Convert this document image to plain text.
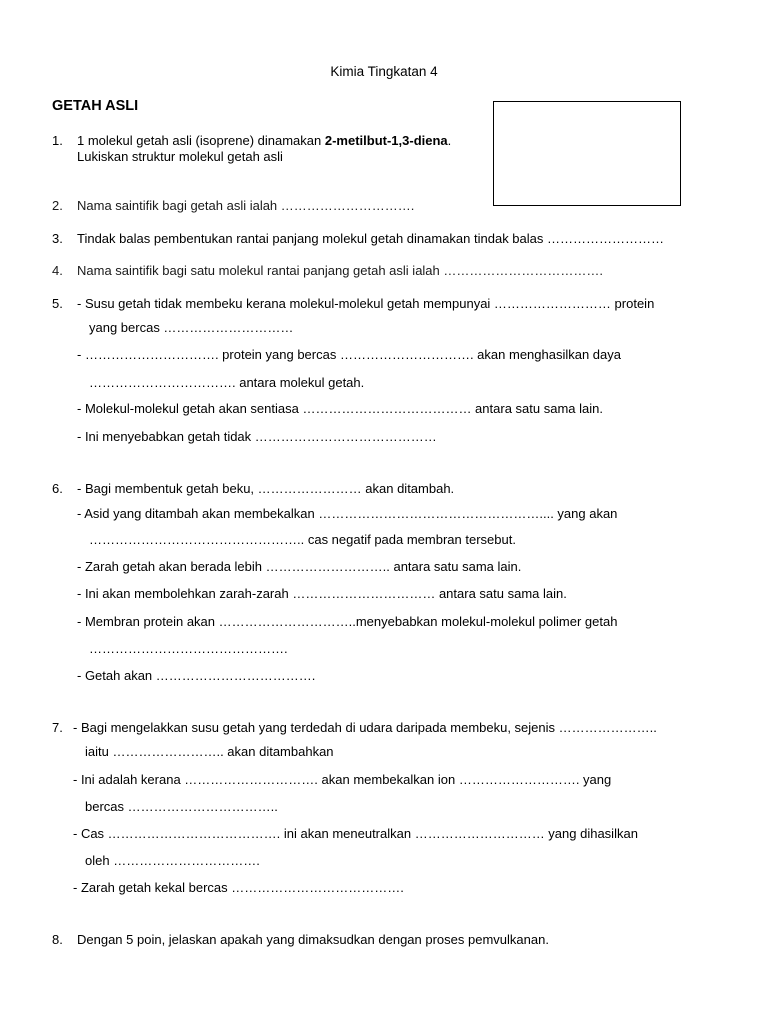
Kimia Tingkatan 4
GETAH ASLI
1. 1 molekul getah asli (isoprene) dinamakan 2-metilbut-1,3-diena.
Lukiskan struktur molekul getah asli
2. Nama saintifik bagi getah asli ialah ………………………….
3. Tindak balas pembentukan rantai panjang molekul getah dinamakan tindak balas ………………………
4. Nama saintifik bagi satu molekul rantai panjang getah asli ialah ……………………………….
5. - Susu getah tidak membeku kerana molekul-molekul getah mempunyai ……………………… protein
yang bercas …………………………
- …………………………. protein yang bercas …………………………. akan menghasilkan daya
……………………………. antara molekul getah.
- Molekul-molekul getah akan sentiasa ………………………………… antara satu sama lain.
- Ini menyebabkan getah tidak ……………………………………
6. - Bagi membentuk getah beku, …………………… akan ditambah.
- Asid yang ditambah akan membekalkan …………………………………………….... yang akan
………………………………………….. cas negatif pada membran tersebut.
- Zarah getah akan berada lebih ……………………….. antara satu sama lain.
- Ini akan membolehkan zarah-zarah …………………………… antara satu sama lain.
- Membran protein akan …………………………..menyebabkan molekul-molekul polimer getah
……………………………………….
- Getah akan ……………………………….
7. - Bagi mengelakkan susu getah yang terdedah di udara daripada membeku, sejenis …………………..
iaitu …………………….. akan ditambahkan
- Ini adalah kerana …………………………. akan membekalkan ion ………………………. yang
bercas ……………………………..
- Cas …………………………………. ini akan meneutralkan ………………………… yang dihasilkan
oleh …………………………….
- Zarah getah kekal bercas ………………………………….
8. Dengan 5 poin, jelaskan apakah yang dimaksudkan dengan proses pemvulkanan.
